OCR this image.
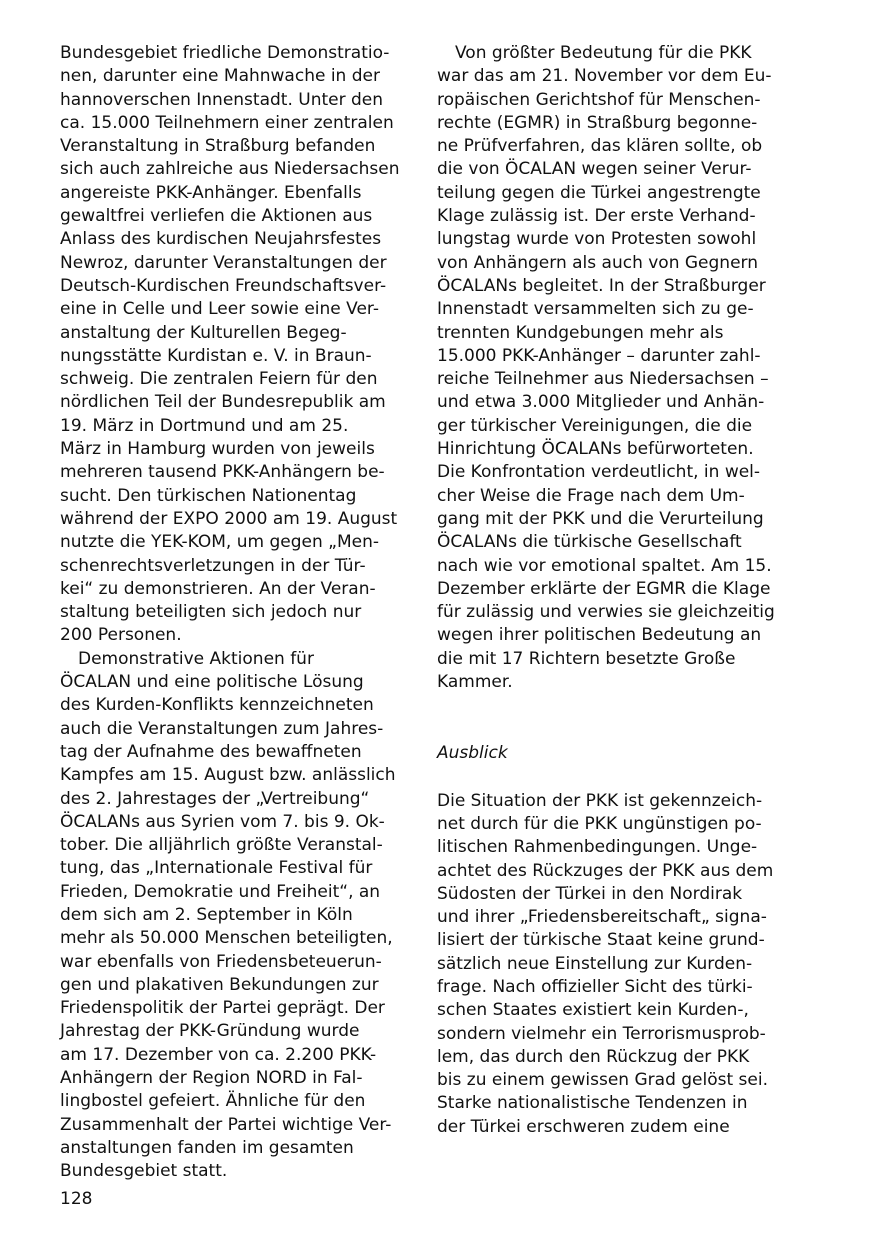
Bundesgebiet friedliche Demonstratio-

nen, darunter eine Mahnwache in der

hannoverschen Innenstadt. Unter den

ca. 15.000 Teilnehmern einer zentralen

Veranstaltung in Straßburg befanden

sich auch zahlreiche aus Niedersachsen

angereiste PKK-Anhänger. Ebenfalls

gewaltfrei verliefen die Aktionen aus

Anlass des kurdischen Neujahrsfestes

Newroz, darunter Veranstaltungen der

Deutsch-Kurdischen Freundschaftsver-

eine in Celle und Leer sowie eine Ver-

anstaltung der Kulturellen Begeg-

nungsstätte Kurdistan e. V. in Braun-

schweig. Die zentralen Feiern für den

nördlichen Teil der Bundesrepublik am

19. März in Dortmund und am 25.

März in Hamburg wurden von jeweils

mehreren tausend PKK-Anhängern be-

sucht. Den türkischen Nationentag

während der EXPO 2000 am 19. August

nutzte die YEK-KOM, um gegen „Men-

schenrechtsverletzungen in der Tür-

kei“ zu demonstrieren. An der Veran-

staltung beteiligten sich jedoch nur

200 Personen.

Demonstrative Aktionen für

ÖCALAN und eine politische Lösung

des Kurden-Konflikts kennzeichneten

auch die Veranstaltungen zum Jahres-

tag der Aufnahme des bewaffneten

Kampfes am 15. August bzw. anlässlich

des 2. Jahrestages der „Vertreibung“

ÖCALANs aus Syrien vom 7. bis 9. Ok-

tober. Die alljährlich größte Veranstal-

tung, das „Internationale Festival für

Frieden, Demokratie und Freiheit“, an

dem sich am 2. September in Köln

mehr als 50.000 Menschen beteiligten,

war ebenfalls von Friedensbeteuerun-

gen und plakativen Bekundungen zur

Friedenspolitik der Partei geprägt. Der

Jahrestag der PKK-Gründung wurde

am 17. Dezember von ca. 2.200 PKK-

Anhängern der Region NORD in Fal-

lingbostel gefeiert. Ähnliche für den

Zusammenhalt der Partei wichtige Ver-

anstaltungen fanden im gesamten

Bundesgebiet statt.

Von größter Bedeutung für die PKK

war das am 21. November vor dem Eu-

ropäischen Gerichtshof für Menschen-

rechte (EGMR) in Straßburg begonne-

ne Prüfverfahren, das klären sollte, ob

die von ÖCALAN wegen seiner Verur-

teilung gegen die Türkei angestrengte

Klage zulässig ist. Der erste Verhand-

lungstag wurde von Protesten sowohl

von Anhängern als auch von Gegnern

ÖCALANs begleitet. In der Straßburger

Innenstadt versammelten sich zu ge-

trennten Kundgebungen mehr als

15.000 PKK-Anhänger – darunter zahl-

reiche Teilnehmer aus Niedersachsen –

und etwa 3.000 Mitglieder und Anhän-

ger türkischer Vereinigungen, die die

Hinrichtung ÖCALANs befürworteten.

Die Konfrontation verdeutlicht, in wel-

cher Weise die Frage nach dem Um-

gang mit der PKK und die Verurteilung

ÖCALANs die türkische Gesellschaft

nach wie vor emotional spaltet. Am 15.

Dezember erklärte der EGMR die Klage

für zulässig und verwies sie gleichzeitig

wegen ihrer politischen Bedeutung an

die mit 17 Richtern besetzte Große

Kammer.

Ausblick

Die Situation der PKK ist gekennzeich-

net durch für die PKK ungünstigen po-

litischen Rahmenbedingungen. Unge-

achtet des Rückzuges der PKK aus dem

Südosten der Türkei in den Nordirak

und ihrer „Friedensbereitschaft„ signa-

lisiert der türkische Staat keine grund-

sätzlich neue Einstellung zur Kurden-

frage. Nach offizieller Sicht des türki-

schen Staates existiert kein Kurden-,

sondern vielmehr ein Terrorismusprob-

lem, das durch den Rückzug der PKK

bis zu einem gewissen Grad gelöst sei.

Starke nationalistische Tendenzen in

der Türkei erschweren zudem eine

128
